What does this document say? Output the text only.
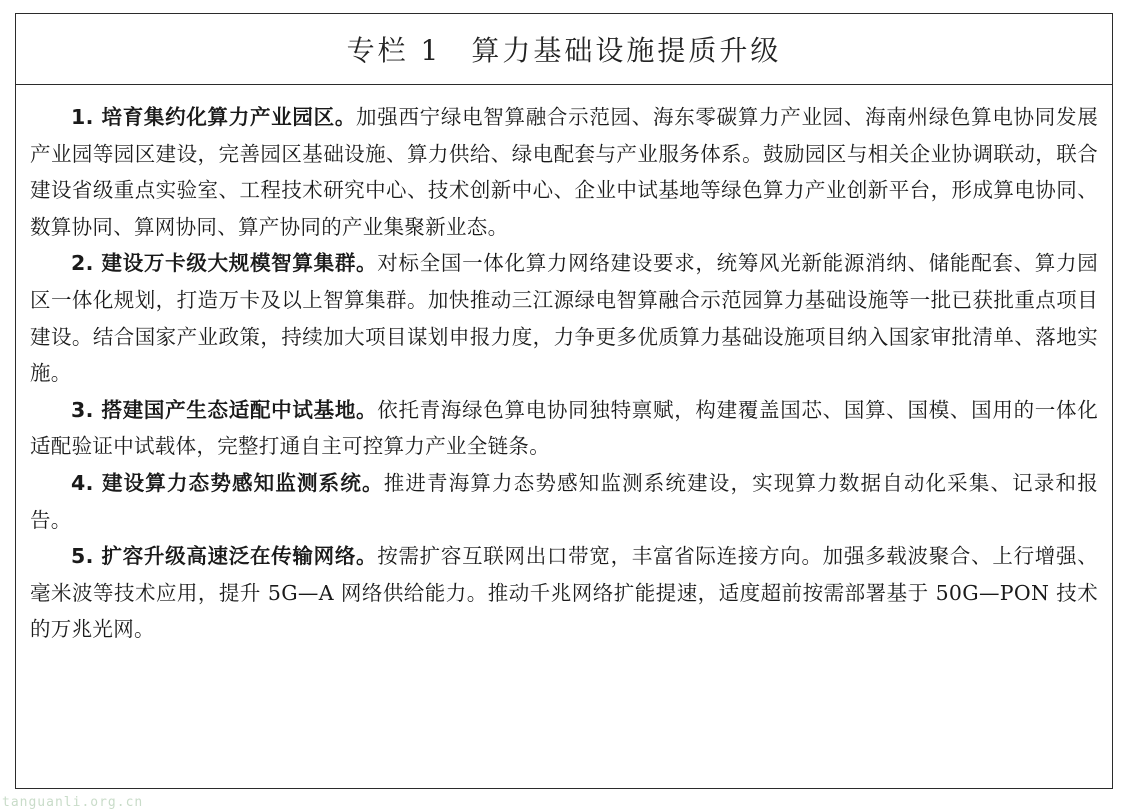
专栏 1 算力基础设施提质升级

1. 培育集约化算力产业园区。加强西宁绿电智算融合示范园、海东零碳算力产业园、海南州绿色算电协同发展产业园等园区建设，完善园区基础设施、算力供给、绿电配套与产业服务体系。鼓励园区与相关企业协调联动，联合建设省级重点实验室、工程技术研究中心、技术创新中心、企业中试基地等绿色算力产业创新平台，形成算电协同、数算协同、算网协同、算产协同的产业集聚新业态。

2. 建设万卡级大规模智算集群。对标全国一体化算力网络建设要求，统筹风光新能源消纳、储能配套、算力园区一体化规划，打造万卡及以上智算集群。加快推动三江源绿电智算融合示范园算力基础设施等一批已获批重点项目建设。结合国家产业政策，持续加大项目谋划申报力度，力争更多优质算力基础设施项目纳入国家审批清单、落地实施。

3. 搭建国产生态适配中试基地。依托青海绿色算电协同独特禀赋，构建覆盖国芯、国算、国模、国用的一体化适配验证中试载体，完整打通自主可控算力产业全链条。

4. 建设算力态势感知监测系统。推进青海算力态势感知监测系统建设，实现算力数据自动化采集、记录和报告。

5. 扩容升级高速泛在传输网络。按需扩容互联网出口带宽，丰富省际连接方向。加强多载波聚合、上行增强、毫米波等技术应用，提升 5G—A 网络供给能力。推动千兆网络扩能提速，适度超前按需部署基于 50G—PON 技术的万兆光网。

tanguanli.org.cn
